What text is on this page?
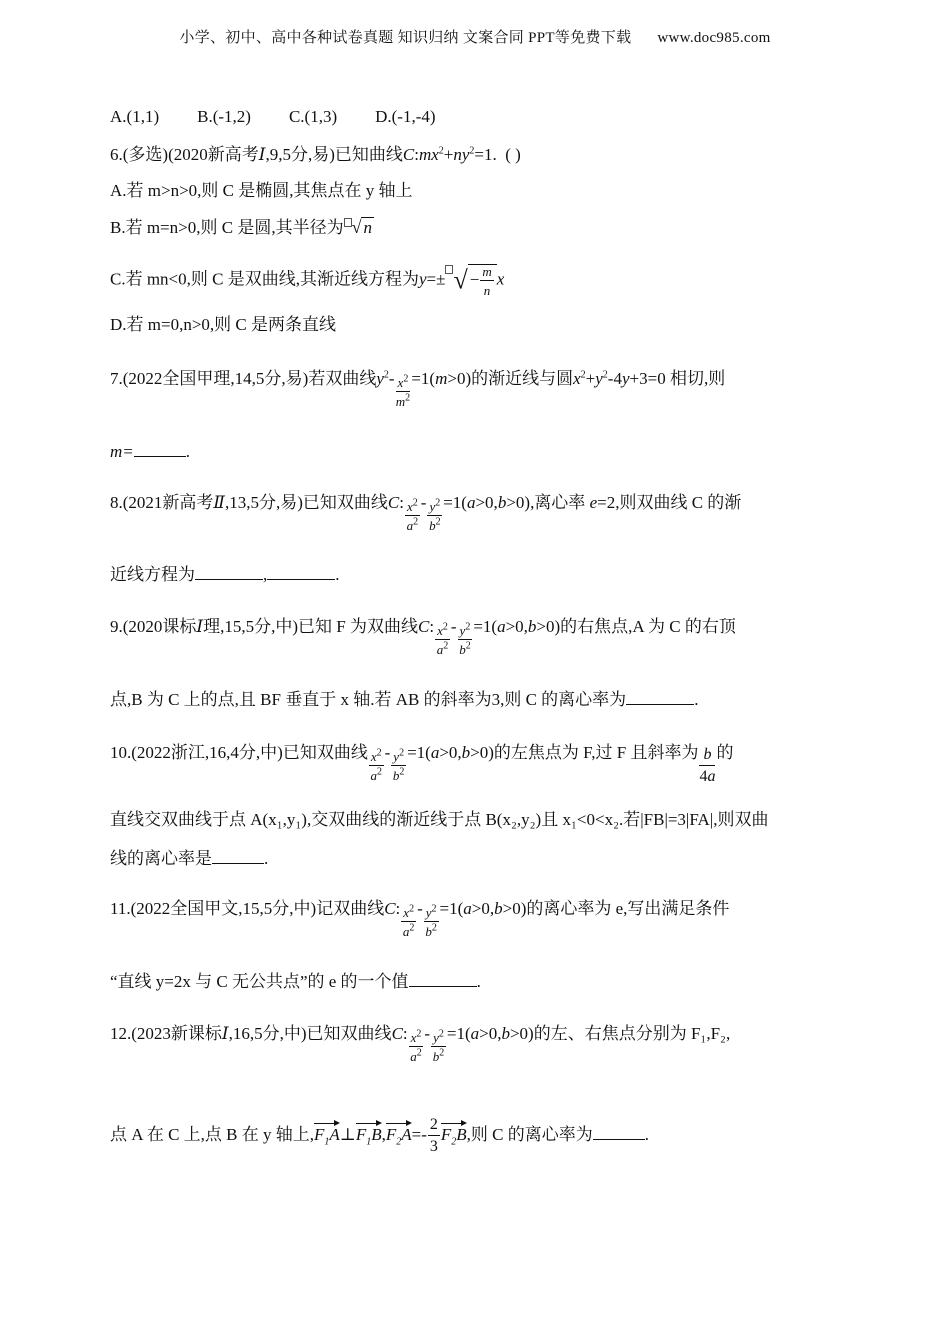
小学、初中、高中各种试卷真题 知识归纳 文案合同 PPT等免费下载 www.doc985.com
A.(1,1) B.(-1,2) C.(1,3) D.(-1,-4)
6.(多选)(2020新高考Ⅰ,9,5分,易)已知曲线$C:mx^2+ny^2=1$.  ( )
A.若 m>n>0,则 C 是椭圆,其焦点在 y 轴上
B.若 m=n>0,则 C 是圆,其半径为 √ n
C.若 mn<0,则 C 是双曲线,其渐近线方程为y=± √ − $\frac{m}{n}$ x
D.若 m=0,n>0,则 C 是两条直线
7.(2022全国甲理,14,5分,易)若双曲线$y^2- \frac{x^2}{m^2} =1(m>0)$的渐近线与圆$x^2+y^2-4y+3=0$ 相切,则
m=	.
8.(2021新高考Ⅱ,13,5分,易)已知双曲线C: $\frac{x^2}{a^2} - \frac{y^2}{b^2} =1(a>0,b>0)$,离心率 e=2,则双曲线 C 的渐
近线方程为	,	.
9.(2020课标Ⅰ理,15,5分,中)已知 F 为双曲线C: $\frac{x^2}{a^2} - \frac{y^2}{b^2} =1(a>0,b>0)$的右焦点,A 为 C 的右顶
点,B 为 C 上的点,且 BF 垂直于 x 轴.若 AB 的斜率为3,则 C 的离心率为	.
10.(2022浙江,16,4分,中)已知双曲线 $\frac{x^2}{a^2} - \frac{y^2}{b^2} =1(a>0,b>0)$的左焦点为 F,过 F 且斜率为 $\frac{b}{4a}$ 的
直线交双曲线于点 A(x₁,y₁),交双曲线的渐近线于点 B(x₂,y₂)且 x₁<0<x₂.若|FB|=3|FA|,则双曲
线的离心率是	.
11.(2022全国甲文,15,5分,中)记双曲线C: $\frac{x^2}{a^2} - \frac{y^2}{b^2} =1(a>0,b>0)$的离心率为 e,写出满足条件
“直线 y=2x 与 C 无公共点”的 e 的一个值	.
12.(2023新课标Ⅰ,16,5分,中)已知双曲线C: $\frac{x^2}{a^2} - \frac{y^2}{b^2} =1(a>0,b>0)$的左、右焦点分别为 F₁,F₂,
点 A 在 C 上,点 B 在 y 轴上$,F_1A\perp F_1B,F_2A=- \frac{2}{3} F_2B$,则 C 的离心率为	.
